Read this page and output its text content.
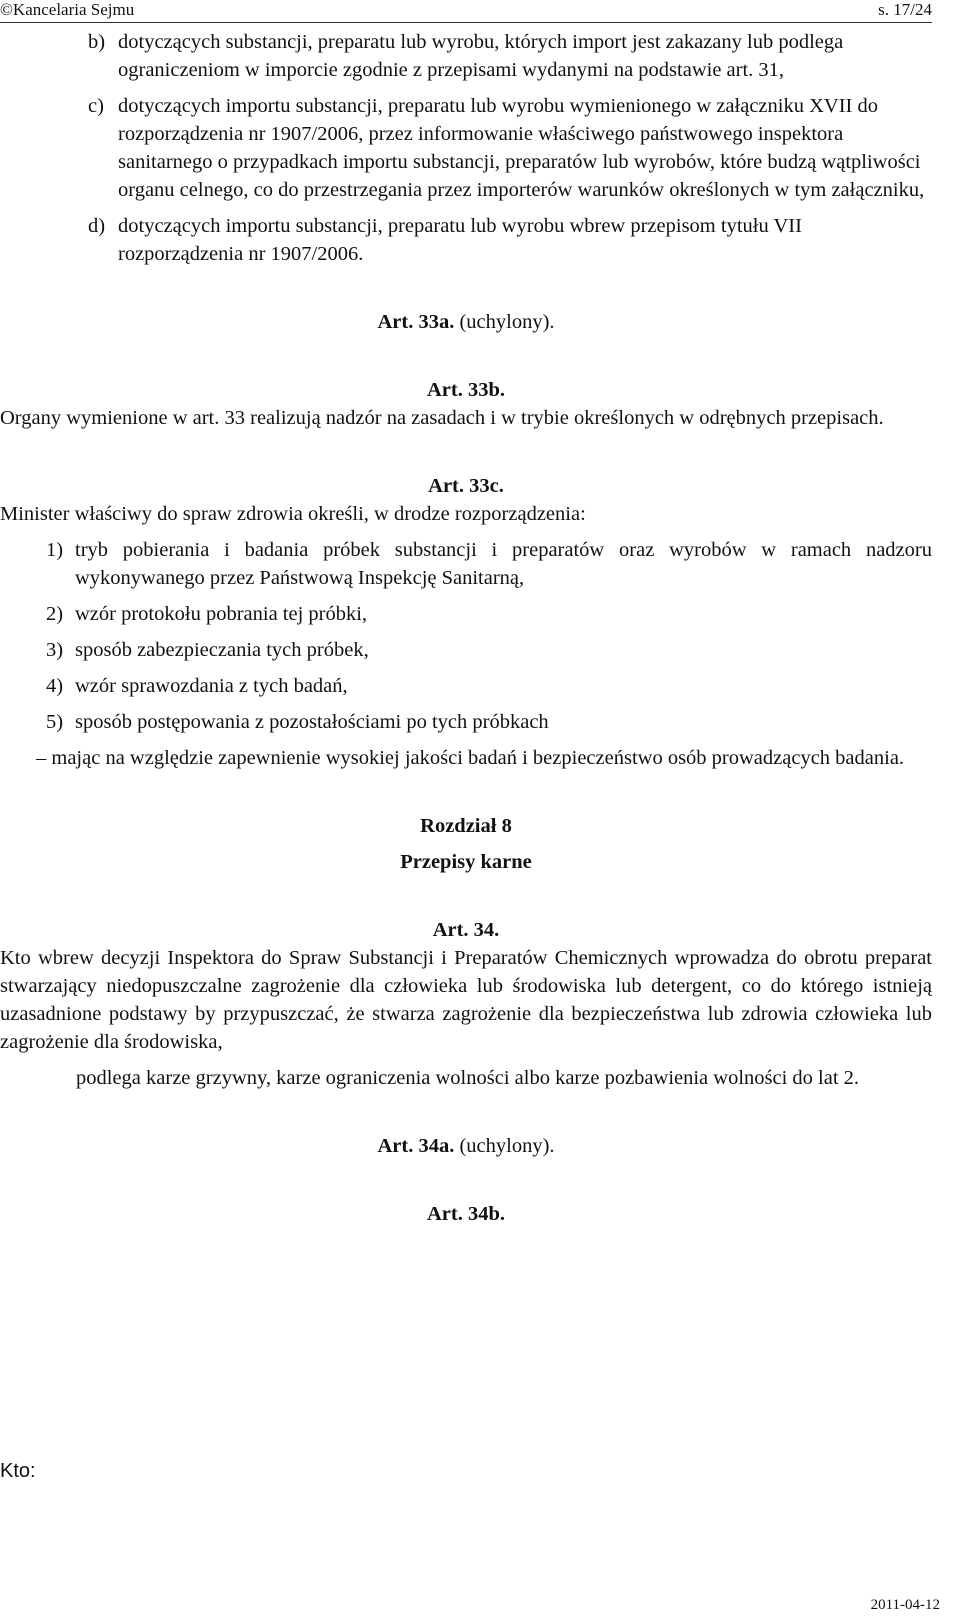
©Kancelaria Sejmu	s. 17/24
b) dotyczących substancji, preparatu lub wyrobu, których import jest zakazany lub podlega ograniczeniom w imporcie zgodnie z przepisami wydanymi na podstawie art. 31,
c) dotyczących importu substancji, preparatu lub wyrobu wymienionego w załączniku XVII do rozporządzenia nr 1907/2006, przez informowanie właściwego państwowego inspektora sanitarnego o przypadkach importu substancji, preparatów lub wyrobów, które budzą wątpliwości organu celnego, co do przestrzegania przez importerów warunków określonych w tym załączniku,
d) dotyczących importu substancji, preparatu lub wyrobu wbrew przepisom tytułu VII rozporządzenia nr 1907/2006.

Art. 33a. (uchylony).

Art. 33b.

Organy wymienione w art. 33 realizują nadzór na zasadach i w trybie określonych w odrębnych przepisach.

Art. 33c.

Minister właściwy do spraw zdrowia określi, w drodze rozporządzenia:

1) tryb pobierania i badania próbek substancji i preparatów oraz wyrobów w ramach nadzoru wykonywanego przez Państwową Inspekcję Sanitarną,
2) wzór protokołu pobrania tej próbki,
3) sposób zabezpieczania tych próbek,
4) wzór sprawozdania z tych badań,
5) sposób postępowania z pozostałościami po tych próbkach

– mając na względzie zapewnienie wysokiej jakości badań i bezpieczeństwo osób prowadzących badania.

Rozdział 8

Przepisy karne

Art. 34.

Kto wbrew decyzji Inspektora do Spraw Substancji i Preparatów Chemicznych wprowadza do obrotu preparat stwarzający niedopuszczalne zagrożenie dla człowieka lub środowiska lub detergent, co do którego istnieją uzasadnione podstawy by przypuszczać, że stwarza zagrożenie dla bezpieczeństwa lub zdrowia człowieka lub zagrożenie dla środowiska,

podlega karze grzywny, karze ograniczenia wolności albo karze pozbawienia wolności do lat 2.

Art. 34a. (uchylony).

Art. 34b.

Kto:
2011-04-12
